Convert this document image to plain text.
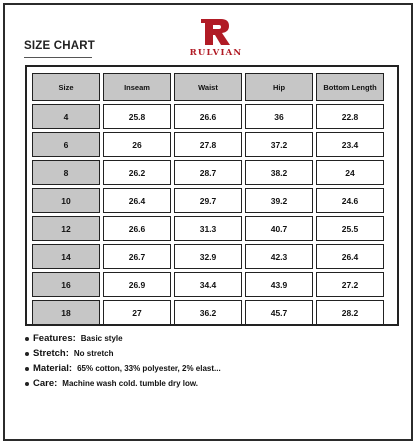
SIZE CHART
RULVIAN
Size	Inseam	Waist	Hip	Bottom Length
4	25.8	26.6	36	22.8
6	26	27.8	37.2	23.4
8	26.2	28.7	38.2	24
10	26.4	29.7	39.2	24.6
12	26.6	31.3	40.7	25.5
14	26.7	32.9	42.3	26.4
16	26.9	34.4	43.9	27.2
18	27	36.2	45.7	28.2
Features: Basic style
Stretch: No stretch
Material: 65% cotton, 33% polyester, 2% elast...
Care: Machine wash cold. tumble dry low.
